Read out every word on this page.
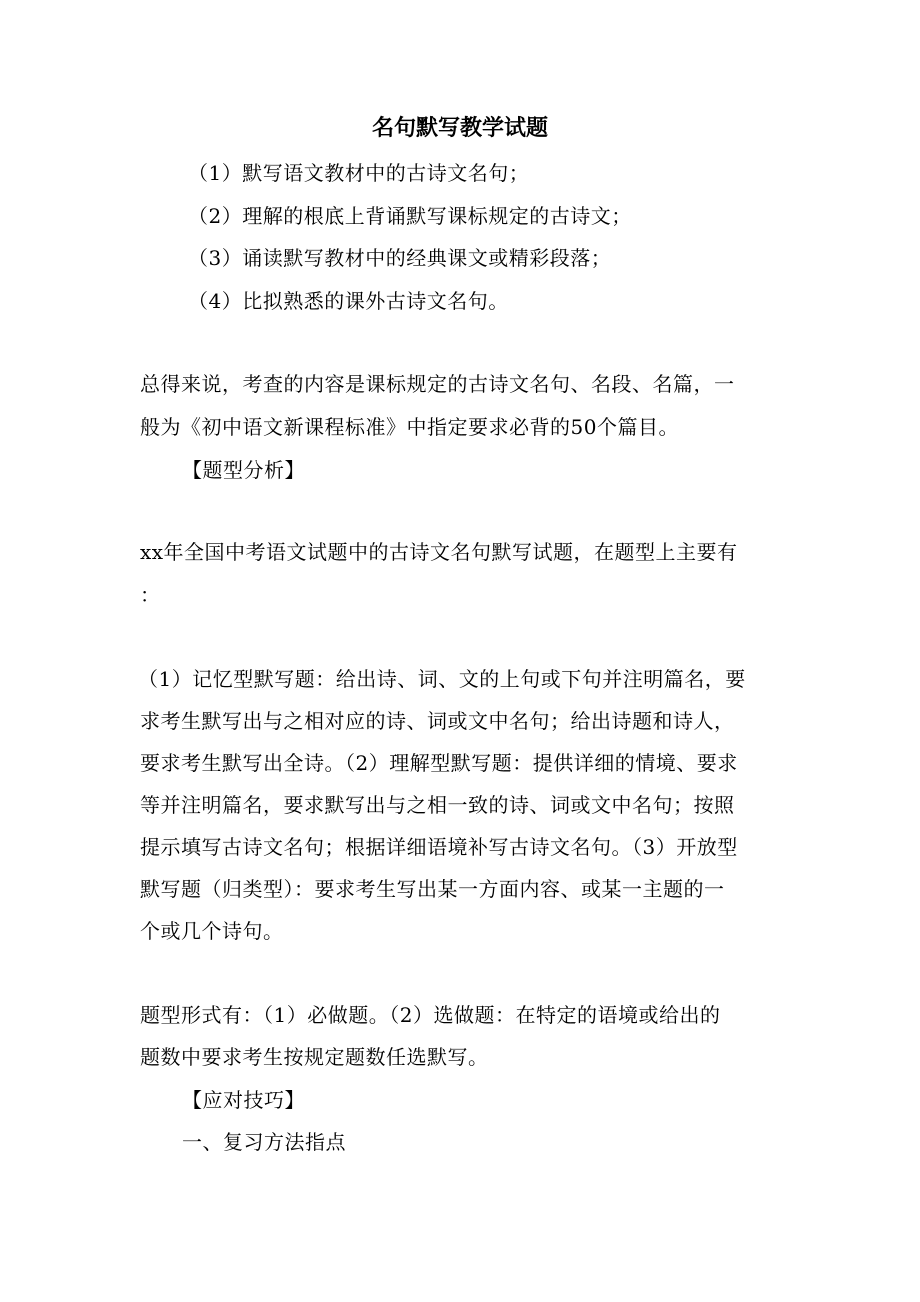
名句默写教学试题
（1）默写语文教材中的古诗文名句；
（2）理解的根底上背诵默写课标规定的古诗文；
（3）诵读默写教材中的经典课文或精彩段落；
（4）比拟熟悉的课外古诗文名句。
总得来说，考查的内容是课标规定的古诗文名句、名段、名篇，一
般为《初中语文新课程标准》中指定要求必背的50个篇目。
【题型分析】
xx年全国中考语文试题中的古诗文名句默写试题，在题型上主要有
：
（1）记忆型默写题：给出诗、词、文的上句或下句并注明篇名，要
求考生默写出与之相对应的诗、词或文中名句；给出诗题和诗人，
要求考生默写出全诗。（2）理解型默写题：提供详细的情境、要求
等并注明篇名，要求默写出与之相一致的诗、词或文中名句；按照
提示填写古诗文名句；根据详细语境补写古诗文名句。（3）开放型
默写题（归类型）：要求考生写出某一方面内容、或某一主题的一
个或几个诗句。
题型形式有：（1）必做题。（2）选做题：在特定的语境或给出的
题数中要求考生按规定题数任选默写。
【应对技巧】
一、复习方法指点
